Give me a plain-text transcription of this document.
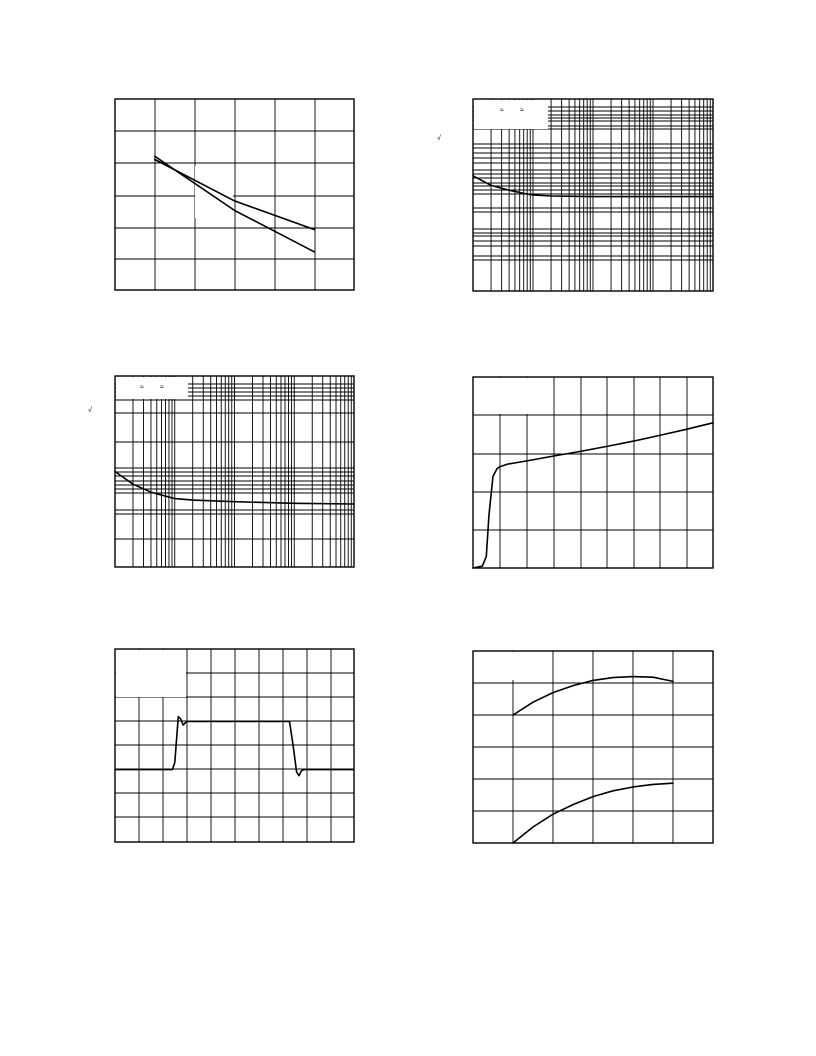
≈ ≈
√
≈ ≈
√
